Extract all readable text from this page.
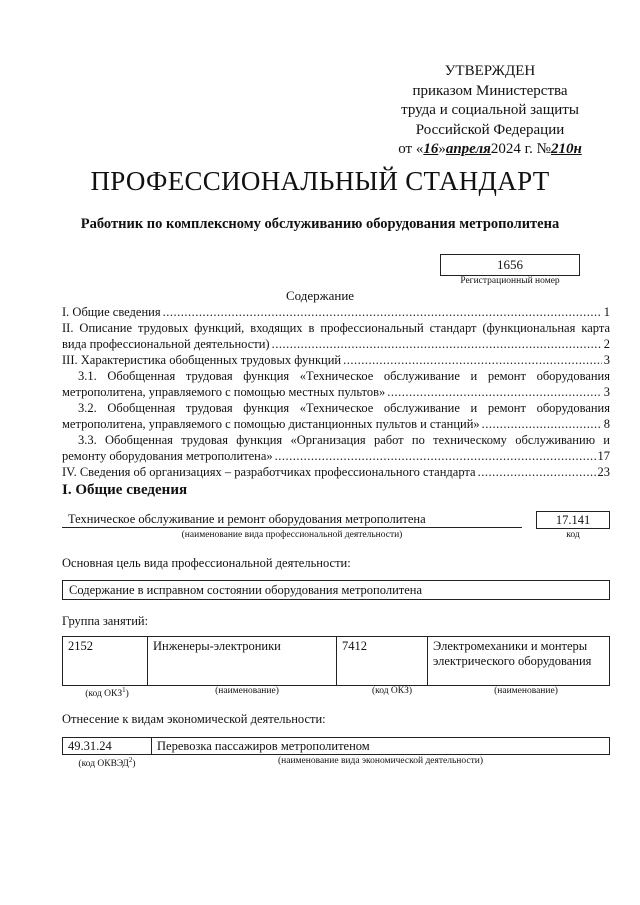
УТВЕРЖДЕН
приказом Министерства
труда и социальной защиты
Российской Федерации
от «16»апреля2024 г. №210н
ПРОФЕССИОНАЛЬНЫЙ СТАНДАРТ
Работник по комплексному обслуживанию оборудования метрополитена
1656
Регистрационный номер
Содержание
I. Общие сведения .....	1
II. Описание трудовых функций, входящих в профессиональный стандарт (функциональная карта
вида профессиональной деятельности) .....	2
III. Характеристика обобщенных трудовых функций .....	3
3.1. Обобщенная трудовая функция «Техническое обслуживание и ремонт оборудования
метрополитена, управляемого с помощью местных пультов» .....	3
3.2. Обобщенная трудовая функция «Техническое обслуживание и ремонт оборудования
метрополитена, управляемого с помощью дистанционных пультов и станций» .....	8
3.3. Обобщенная трудовая функция «Организация работ по техническому обслуживанию и
ремонту оборудования метрополитена» .....	17
IV. Сведения об организациях – разработчиках профессионального стандарта .....	23
I. Общие сведения
Техническое обслуживание и ремонт оборудования метрополитена
(наименование вида профессиональной деятельности)
17.141
код
Основная цель вида профессиональной деятельности:
Содержание в исправном состоянии оборудования метрополитена
Группа занятий:
2152	Инженеры-электроники	7412	Электромеханики и монтеры электрического оборудования
(код ОКЗ$^1$)	(наименование)	(код ОКЗ)	(наименование)
Отнесение к видам экономической деятельности:
49.31.24	Перевозка пассажиров метрополитеном
(код ОКВЭД$^2$)	(наименование вида экономической деятельности)
